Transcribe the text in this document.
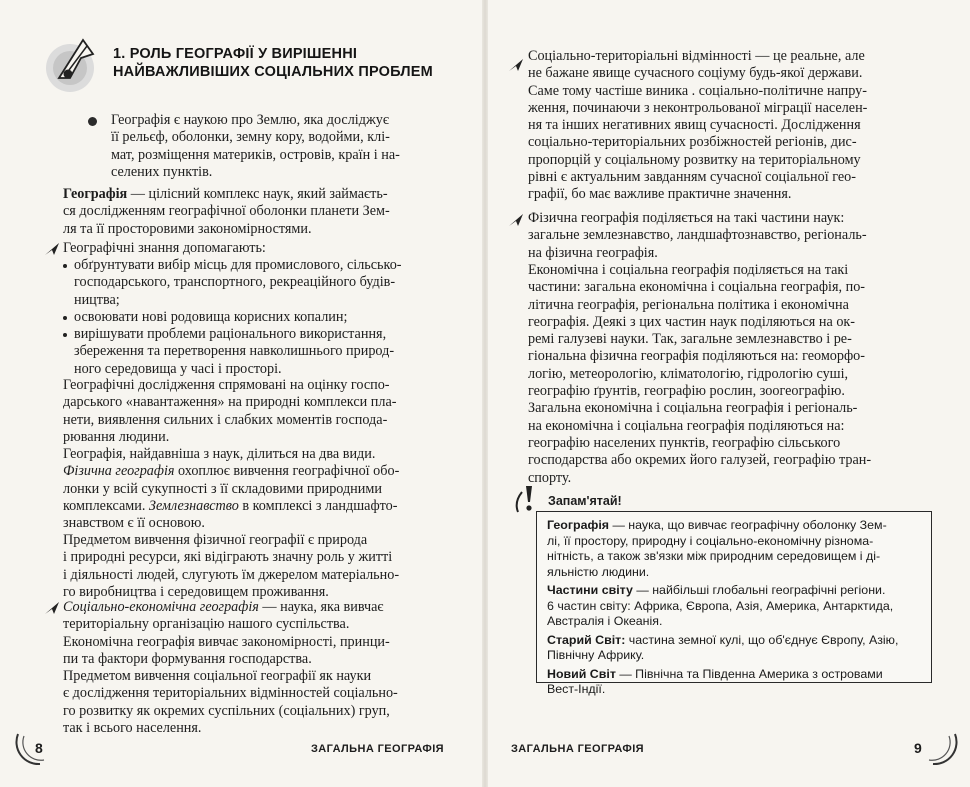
1. РОЛЬ ГЕОГРАФІЇ У ВИРІШЕННІ
НАЙВАЖЛИВІШИХ СОЦІАЛЬНИХ ПРОБЛЕМ
Географія є наукою про Землю, яка досліджує
її рельєф, оболонки, земну кору, водойми, клі-
мат, розміщення материків, островів, країн і на-
селених пунктів.
Географія — цілісний комплекс наук, який займаєть-
ся дослідженням географічної оболонки планети Зем-
ля та її просторовими закономірностями.
Географічні знання допомагають:
обґрунтувати вибір місць для промислового, сільсько-
господарського, транспортного, рекреаційного будів-
ництва;
освоювати нові родовища корисних копалин;
вирішувати проблеми раціонального використання,
збереження та перетворення навколишнього природ-
ного середовища у часі і просторі.
Географічні дослідження спрямовані на оцінку госпо-
дарського «навантаження» на природні комплекси пла-
нети, виявлення сильних і слабких моментів господа-
рювання людини.
Географія, найдавніша з наук, ділиться на два види.
Фізична географія охоплює вивчення географічної обо-
лонки у всій сукупності з її складовими природними
комплексами. Землезнавство в комплексі з ландшафто-
знавством є її основою.
Предметом вивчення фізичної географії є природа
і природні ресурси, які відіграють значну роль у житті
і діяльності людей, слугують їм джерелом матеріально-
го виробництва і середовищем проживання.
Соціально-економічна географія — наука, яка вивчає
територіальну організацію нашого суспільства.
Економічна географія вивчає закономірності, принци-
пи та фактори формування господарства.
Предметом вивчення соціальної географії як науки
є дослідження територіальних відмінностей соціально-
го розвитку як окремих суспільних (соціальних) груп,
так і всього населення.
8	ЗАГАЛЬНА ГЕОГРАФІЯ
Соціально-територіальні відмінності — це реальне, але
не бажане явище сучасного соціуму будь-якої держави.
Саме тому частіше виника . соціально-політичне напру-
ження, починаючи з неконтрольованої міграції населен-
ня та інших негативних явищ сучасності. Дослідження
соціально-територіальних розбіжностей регіонів, дис-
пропорцій у соціальному розвитку на територіальному
рівні є актуальним завданням сучасної соціальної гео-
графії, бо має важливе практичне значення.
Фізична географія поділяється на такі частини наук:
загальне землезнавство, ландшафтознавство, регіональ-
на фізична географія.
Економічна і соціальна географія поділяється на такі
частини: загальна економічна і соціальна географія, по-
літична географія, регіональна політика і економічна
географія. Деякі з цих частин наук поділяються на ок-
ремі галузеві науки. Так, загальне землезнавство і ре-
гіональна фізична географія поділяються на: геоморфо-
логію, метеорологію, кліматологію, гідрологію суші,
географію ґрунтів, географію рослин, зоогеографію.
Загальна економічна і соціальна географія і регіональ-
на економічна і соціальна географія поділяються на:
географію населених пунктів, географію сільського
господарства або окремих його галузей, географію тран-
спорту.
Географія — наука, що вивчає географічну оболонку Зем-
лі, її простору, природну і соціально-економічну різнома-
нітність, а також зв'язки між природним середовищем і ді-
яльністю людини.
Частини світу — найбільші глобальні географічні регіони.
6 частин світу: Африка, Європа, Азія, Америка, Антарктида,
Австралія і Океанія.
Старий Світ: частина земної кулі, що об'єднує Європу, Азію,
Північну Африку.
Новий Світ — Північна та Південна Америка з островами
Вест-Індії.
Запам'ятай!
ЗАГАЛЬНА ГЕОГРАФІЯ	9
